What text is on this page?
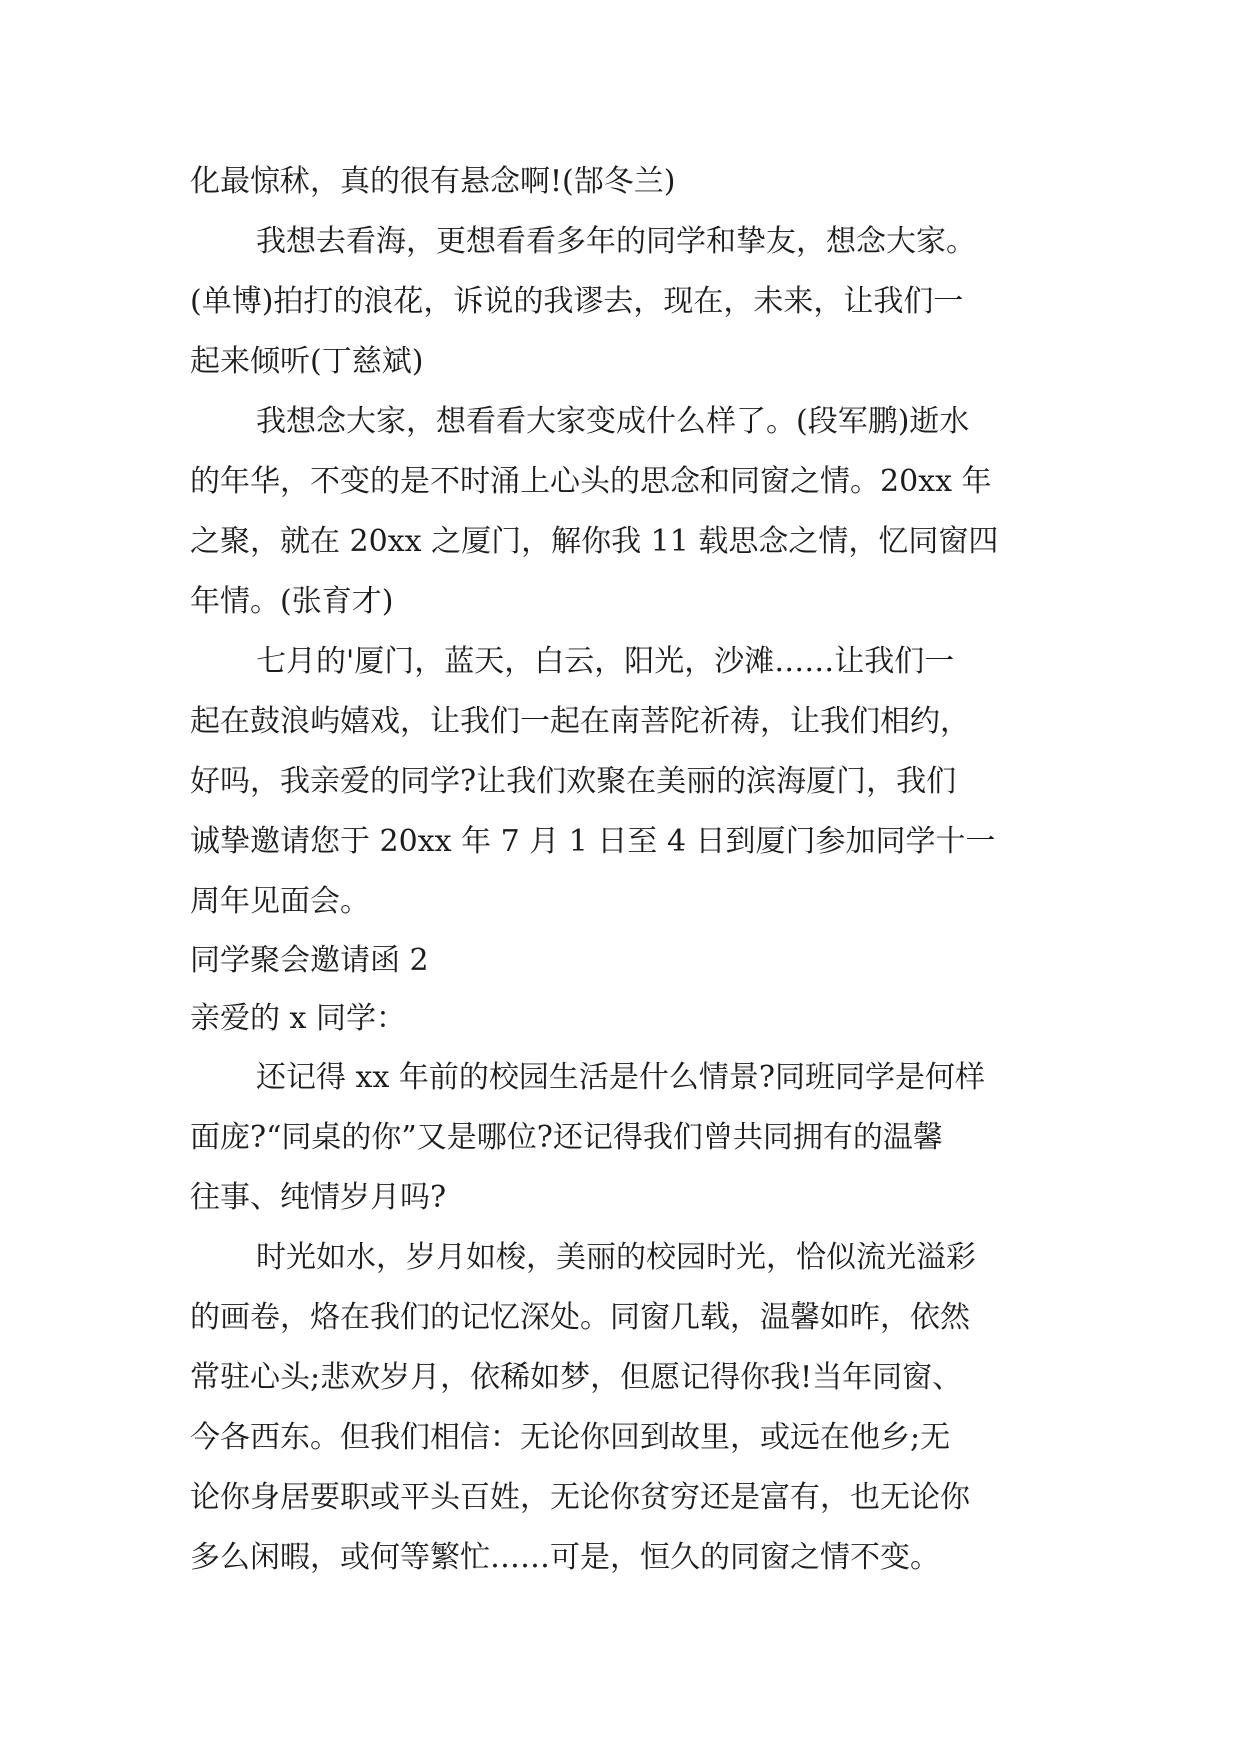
化最惊秫，真的很有悬念啊!(郜冬兰)
我想去看海，更想看看多年的同学和挚友，想念大家。
(单博)拍打的浪花，诉说的我谬去，现在，未来，让我们一
起来倾听(丁慈斌)
我想念大家，想看看大家变成什么样了。(段军鹏)逝水
的年华，不变的是不时涌上心头的思念和同窗之情。20xx 年
之聚，就在 20xx 之厦门，解你我 11 载思念之情，忆同窗四
年情。(张育才)
七月的'厦门，蓝天，白云，阳光，沙滩……让我们一
起在鼓浪屿嬉戏，让我们一起在南菩陀祈祷，让我们相约，
好吗，我亲爱的同学?让我们欢聚在美丽的滨海厦门，我们
诚挚邀请您于 20xx 年 7 月 1 日至 4 日到厦门参加同学十一
周年见面会。
同学聚会邀请函 2
亲爱的 x 同学：
还记得 xx 年前的校园生活是什么情景?同班同学是何样
面庞?“同桌的你”又是哪位?还记得我们曾共同拥有的温馨
往事、纯情岁月吗?
时光如水，岁月如梭，美丽的校园时光，恰似流光溢彩
的画卷，烙在我们的记忆深处。同窗几载，温馨如昨，依然
常驻心头;悲欢岁月，依稀如梦，但愿记得你我!当年同窗、
今各西东。但我们相信：无论你回到故里，或远在他乡;无
论你身居要职或平头百姓，无论你贫穷还是富有，也无论你
多么闲暇，或何等繁忙……可是，恒久的同窗之情不变。
